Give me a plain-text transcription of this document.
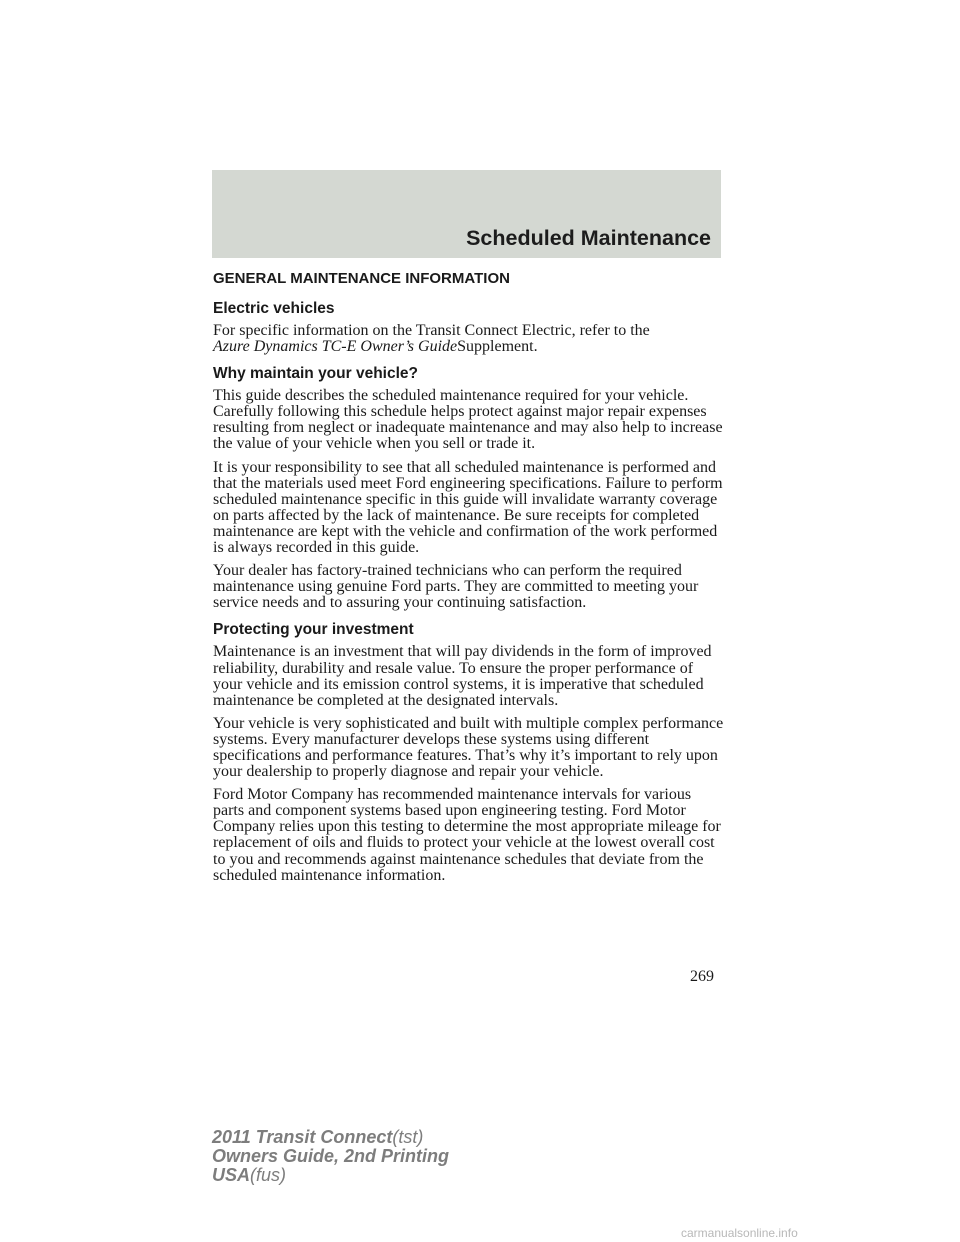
Scheduled Maintenance
GENERAL MAINTENANCE INFORMATION
Electric vehicles
For specific information on the Transit Connect Electric, refer to the
Azure Dynamics TC-E Owner’s GuideSupplement.
Why maintain your vehicle?
This guide describes the scheduled maintenance required for your vehicle. Carefully following this schedule helps protect against major repair expenses resulting from neglect or inadequate maintenance and may also help to increase the value of your vehicle when you sell or trade it.
It is your responsibility to see that all scheduled maintenance is performed and that the materials used meet Ford engineering specifications. Failure to perform scheduled maintenance specific in this guide will invalidate warranty coverage on parts affected by the lack of maintenance. Be sure receipts for completed maintenance are kept with the vehicle and confirmation of the work performed is always recorded in this guide.
Your dealer has factory-trained technicians who can perform the required maintenance using genuine Ford parts. They are committed to meeting your service needs and to assuring your continuing satisfaction.
Protecting your investment
Maintenance is an investment that will pay dividends in the form of improved reliability, durability and resale value. To ensure the proper performance of your vehicle and its emission control systems, it is imperative that scheduled maintenance be completed at the designated intervals.
Your vehicle is very sophisticated and built with multiple complex performance systems. Every manufacturer develops these systems using different specifications and performance features. That’s why it’s important to rely upon your dealership to properly diagnose and repair your vehicle.
Ford Motor Company has recommended maintenance intervals for various parts and component systems based upon engineering testing. Ford Motor Company relies upon this testing to determine the most appropriate mileage for replacement of oils and fluids to protect your vehicle at the lowest overall cost to you and recommends against maintenance schedules that deviate from the scheduled maintenance information.
269
2011 Transit Connect(tst)
Owners Guide, 2nd Printing
USA(fus)
carmanualsonline.info
